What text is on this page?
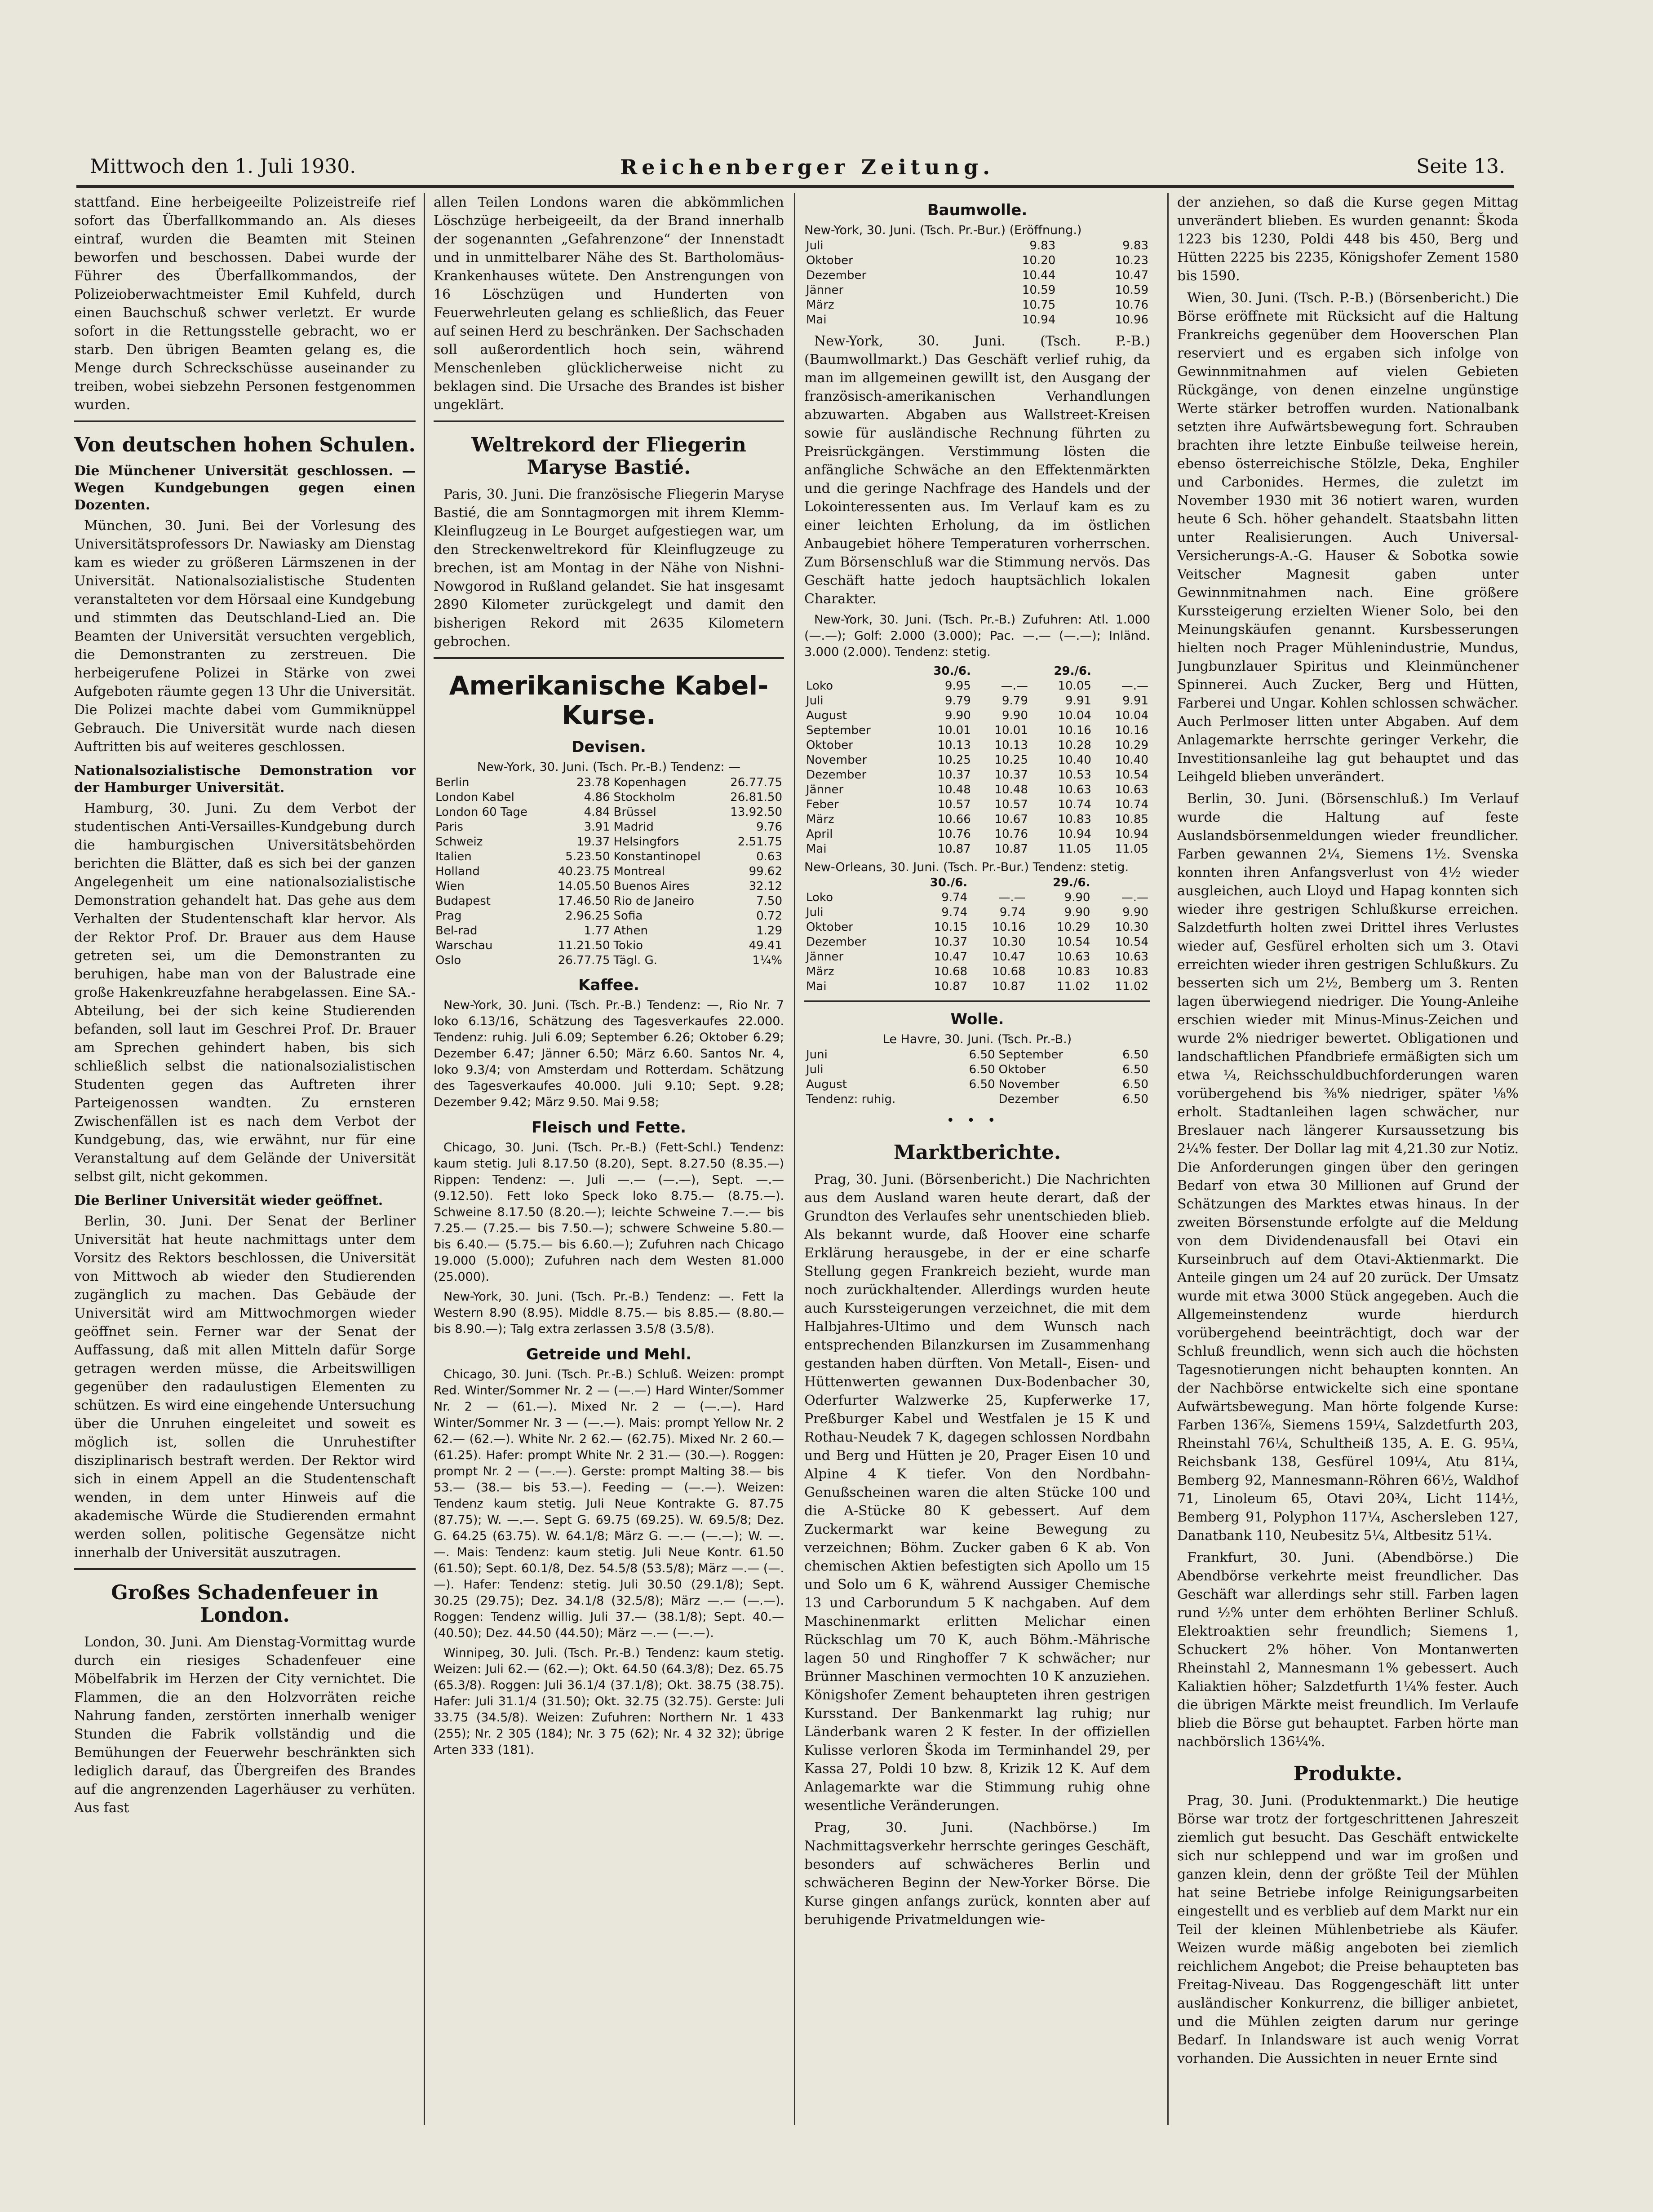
Mittwoch den 1. Juli 1930.	Reichenberger Zeitung.	Seite 13.

stattfand. Eine herbeigeeilte Polizeistreife rief sofort das Überfallkommando an. Als dieses eintraf, wurden die Beamten mit Steinen beworfen und beschossen. Dabei wurde der Führer des Überfallkommandos, der Polizeioberwachtmeister Emil Kuhfeld, durch einen Bauchschuß schwer verletzt. Er wurde sofort in die Rettungsstelle gebracht, wo er starb. Den übrigen Beamten gelang es, die Menge durch Schreckschüsse auseinander zu treiben, wobei siebzehn Personen festgenommen wurden.

Von deutschen hohen Schulen.
Die Münchener Universität geschlossen. — Wegen Kundgebungen gegen einen Dozenten.

München, 30. Juni. Bei der Vorlesung des Universitätsprofessors Dr. Nawiasky am Dienstag kam es wieder zu größeren Lärmszenen in der Universität. Nationalsozialistische Studenten veranstalteten vor dem Hörsaal eine Kundgebung und stimmten das Deutschland-Lied an. Die Beamten der Universität versuchten vergeblich, die Demonstranten zu zerstreuen. Die herbeigerufene Polizei in Stärke von zwei Aufgeboten räumte gegen 13 Uhr die Universität. Die Polizei machte dabei vom Gummiknüppel Gebrauch. Die Universität wurde nach diesen Auftritten bis auf weiteres geschlossen.

Nationalsozialistische Demonstration vor der Hamburger Universität.

Hamburg, 30. Juni. Zu dem Verbot der studentischen Anti-Versailles-Kundgebung durch die hamburgischen Universitätsbehörden berichten die Blätter, daß es sich bei der ganzen Angelegenheit um eine nationalsozialistische Demonstration gehandelt hat. Das gehe aus dem Verhalten der Studentenschaft klar hervor. Als der Rektor Prof. Dr. Brauer aus dem Hause getreten sei, um die Demonstranten zu beruhigen, habe man von der Balustrade eine große Hakenkreuzfahne herabgelassen. Eine SA.-Abteilung, bei der sich keine Studierenden befanden, soll laut im Geschrei Prof. Dr. Brauer am Sprechen gehindert haben, bis sich schließlich selbst die nationalsozialistischen Studenten gegen das Auftreten ihrer Parteigenossen wandten. Zu ernsteren Zwischenfällen ist es nach dem Verbot der Kundgebung, das, wie erwähnt, nur für eine Veranstaltung auf dem Gelände der Universität selbst gilt, nicht gekommen.

Die Berliner Universität wieder geöffnet.

Berlin, 30. Juni. Der Senat der Berliner Universität hat heute nachmittags unter dem Vorsitz des Rektors beschlossen, die Universität von Mittwoch ab wieder den Studierenden zugänglich zu machen. Das Gebäude der Universität wird am Mittwochmorgen wieder geöffnet sein. Ferner war der Senat der Auffassung, daß mit allen Mitteln dafür Sorge getragen werden müsse, die Arbeitswilligen gegenüber den radaulustigen Elementen zu schützen. Es wird eine eingehende Untersuchung über die Unruhen eingeleitet und soweit es möglich ist, sollen die Unruhestifter disziplinarisch bestraft werden. Der Rektor wird sich in einem Appell an die Studentenschaft wenden, in dem unter Hinweis auf die akademische Würde die Studierenden ermahnt werden sollen, politische Gegensätze nicht innerhalb der Universität auszutragen.

Großes Schadenfeuer in London.

London, 30. Juni. Am Dienstag-Vormittag wurde durch ein riesiges Schadenfeuer eine Möbelfabrik im Herzen der City vernichtet. Die Flammen, die an den Holzvorräten reiche Nahrung fanden, zerstörten innerhalb weniger Stunden die Fabrik vollständig und die Bemühungen der Feuerwehr beschränkten sich lediglich darauf, das Übergreifen des Brandes auf die angrenzenden Lagerhäuser zu verhüten. Aus fast

allen Teilen Londons waren die abkömmlichen Löschzüge herbeigeeilt, da der Brand innerhalb der sogenannten „Gefahrenzone“ der Innenstadt und in unmittelbarer Nähe des St. Bartholomäus-Krankenhauses wütete. Den Anstrengungen von 16 Löschzügen und Hunderten von Feuerwehrleuten gelang es schließlich, das Feuer auf seinen Herd zu beschränken. Der Sachschaden soll außerordentlich hoch sein, während Menschenleben glücklicherweise nicht zu beklagen sind. Die Ursache des Brandes ist bisher ungeklärt.

Weltrekord der Fliegerin Maryse Bastié.

Paris, 30. Juni. Die französische Fliegerin Maryse Bastié, die am Sonntagmorgen mit ihrem Klemm-Kleinflugzeug in Le Bourget aufgestiegen war, um den Streckenweltrekord für Kleinflugzeuge zu brechen, ist am Montag in der Nähe von Nishni-Nowgorod in Rußland gelandet. Sie hat insgesamt 2890 Kilometer zurückgelegt und damit den bisherigen Rekord mit 2635 Kilometern gebrochen.

Amerikanische Kabel-Kurse.
Devisen.
New-York, 30. Juni. (Tsch. Pr.-B.) Tendenz: —
Berlin	23.78	Kopenhagen	26.77.75
London Kabel	4.86	Stockholm	26.81.50
London 60 Tage	4.84	Brüssel	13.92.50
Paris	3.91	Madrid	9.76
Schweiz	19.37	Helsingfors	2.51.75
Italien	5.23.50	Konstantinopel	0.63
Holland	40.23.75	Montreal	99.62
Wien	14.05.50	Buenos Aires	32.12
Budapest	17.46.50	Rio de Janeiro	7.50
Prag	2.96.25	Sofia	0.72
Bel-rad	1.77	Athen	1.29
Warschau	11.21.50	Tokio	49.41
Oslo	26.77.75	Tägl. G.	1¼%
Kaffee.

New-York, 30. Juni. (Tsch. Pr.-B.) Tendenz: —, Rio Nr. 7 loko 6.13/16, Schätzung des Tagesverkaufes 22.000. Tendenz: ruhig. Juli 6.09; September 6.26; Oktober 6.29; Dezember 6.47; Jänner 6.50; März 6.60. Santos Nr. 4, loko 9.3/4; von Amsterdam und Rotterdam. Schätzung des Tagesverkaufes 40.000. Juli 9.10; Sept. 9.28; Dezember 9.42; März 9.50. Mai 9.58;

Fleisch und Fette.

Chicago, 30. Juni. (Tsch. Pr.-B.) (Fett-Schl.) Tendenz: kaum stetig. Juli 8.17.50 (8.20), Sept. 8.27.50 (8.35.—) Rippen: Tendenz: —. Juli —.— (—.—), Sept. —.— (9.12.50). Fett loko Speck loko 8.75.— (8.75.—). Schweine 8.17.50 (8.20.—); leichte Schweine 7.—.— bis 7.25.— (7.25.— bis 7.50.—); schwere Schweine 5.80.— bis 6.40.— (5.75.— bis 6.60.—); Zufuhren nach Chicago 19.000 (5.000); Zufuhren nach dem Westen 81.000 (25.000).

New-York, 30. Juni. (Tsch. Pr.-B.) Tendenz: —. Fett la Western 8.90 (8.95). Middle 8.75.— bis 8.85.— (8.80.— bis 8.90.—); Talg extra zerlassen 3.5/8 (3.5/8).

Getreide und Mehl.

Chicago, 30. Juni. (Tsch. Pr.-B.) Schluß. Weizen: prompt Red. Winter/Sommer Nr. 2 — (—.—) Hard Winter/Sommer Nr. 2 — (61.—). Mixed Nr. 2 — (—.—). Hard Winter/Sommer Nr. 3 — (—.—). Mais: prompt Yellow Nr. 2 62.— (62.—). White Nr. 2 62.— (62.75). Mixed Nr. 2 60.— (61.25). Hafer: prompt White Nr. 2 31.— (30.—). Roggen: prompt Nr. 2 — (—.—). Gerste: prompt Malting 38.— bis 53.— (38.— bis 53.—). Feeding — (—.—). Weizen: Tendenz kaum stetig. Juli Neue Kontrakte G. 87.75 (87.75); W. —.—. Sept G. 69.75 (69.25). W. 69.5/8; Dez. G. 64.25 (63.75). W. 64.1/8; März G. —.— (—.—); W. —.—. Mais: Tendenz: kaum stetig. Juli Neue Kontr. 61.50 (61.50); Sept. 60.1/8, Dez. 54.5/8 (53.5/8); März —.— (—.—). Hafer: Tendenz: stetig. Juli 30.50 (29.1/8); Sept. 30.25 (29.75); Dez. 34.1/8 (32.5/8); März —.— (—.—). Roggen: Tendenz willig. Juli 37.— (38.1/8); Sept. 40.— (40.50); Dez. 44.50 (44.50); März —.— (—.—).

Winnipeg, 30. Juli. (Tsch. Pr.-B.) Tendenz: kaum stetig. Weizen: Juli 62.— (62.—); Okt. 64.50 (64.3/8); Dez. 65.75 (65.3/8). Roggen: Juli 36.1/4 (37.1/8); Okt. 38.75 (38.75). Hafer: Juli 31.1/4 (31.50); Okt. 32.75 (32.75). Gerste: Juli 33.75 (34.5/8). Weizen: Zufuhren: Northern Nr. 1 433 (255); Nr. 2 305 (184); Nr. 3 75 (62); Nr. 4 32 32); übrige Arten 333 (181).

Baumwolle.
New-York, 30. Juni. (Tsch. Pr.-Bur.) (Eröffnung.)
Juli	9.83	9.83
Oktober	10.20	10.23
Dezember	10.44	10.47
Jänner	10.59	10.59
März	10.75	10.76
Mai	10.94	10.96

New-York, 30. Juni. (Tsch. P.-B.) (Baumwollmarkt.) Das Geschäft verlief ruhig, da man im allgemeinen gewillt ist, den Ausgang der französisch-amerikanischen Verhandlungen abzuwarten. Abgaben aus Wallstreet-Kreisen sowie für ausländische Rechnung führten zu Preisrückgängen. Verstimmung lösten die anfängliche Schwäche an den Effektenmärkten und die geringe Nachfrage des Handels und der Lokointeressenten aus. Im Verlauf kam es zu einer leichten Erholung, da im östlichen Anbaugebiet höhere Temperaturen vorherrschen. Zum Börsenschluß war die Stimmung nervös. Das Geschäft hatte jedoch hauptsächlich lokalen Charakter.

New-York, 30. Juni. (Tsch. Pr.-B.) Zufuhren: Atl. 1.000 (—.—); Golf: 2.000 (3.000); Pac. —.— (—.—); Inländ. 3.000 (2.000). Tendenz: stetig.

	30./6.		29./6.	
Loko	9.95	—.—	10.05	—.—
Juli	9.79	9.79	9.91	9.91
August	9.90	9.90	10.04	10.04
September	10.01	10.01	10.16	10.16
Oktober	10.13	10.13	10.28	10.29
November	10.25	10.25	10.40	10.40
Dezember	10.37	10.37	10.53	10.54
Jänner	10.48	10.48	10.63	10.63
Feber	10.57	10.57	10.74	10.74
März	10.66	10.67	10.83	10.85
April	10.76	10.76	10.94	10.94
Mai	10.87	10.87	11.05	11.05
New-Orleans, 30. Juni. (Tsch. Pr.-Bur.) Tendenz: stetig.
	30./6.		29./6.	
Loko	9.74	—.—	9.90	—.—
Juli	9.74	9.74	9.90	9.90
Oktober	10.15	10.16	10.29	10.30
Dezember	10.37	10.30	10.54	10.54
Jänner	10.47	10.47	10.63	10.63
März	10.68	10.68	10.83	10.83
Mai	10.87	10.87	11.02	11.02
Wolle.
Le Havre, 30. Juni. (Tsch. Pr.-B.)
Juni	6.50	September	6.50
Juli	6.50	Oktober	6.50
August	6.50	November	6.50
Tendenz: ruhig.		Dezember	6.50
•••
Marktberichte.

Prag, 30. Juni. (Börsenbericht.) Die Nachrichten aus dem Ausland waren heute derart, daß der Grundton des Verlaufes sehr unentschieden blieb. Als bekannt wurde, daß Hoover eine scharfe Erklärung herausgebe, in der er eine scharfe Stellung gegen Frankreich bezieht, wurde man noch zurückhaltender. Allerdings wurden heute auch Kurssteigerungen verzeichnet, die mit dem Halbjahres-Ultimo und dem Wunsch nach entsprechenden Bilanzkursen im Zusammenhang gestanden haben dürften. Von Metall-, Eisen- und Hüttenwerten gewannen Dux-Bodenbacher 30, Oderfurter Walzwerke 25, Kupferwerke 17, Preßburger Kabel und Westfalen je 15 K und Rothau-Neudek 7 K, dagegen schlossen Nordbahn und Berg und Hütten je 20, Prager Eisen 10 und Alpine 4 K tiefer. Von den Nordbahn-Genußscheinen waren die alten Stücke 100 und die A-Stücke 80 K gebessert. Auf dem Zuckermarkt war keine Bewegung zu verzeichnen; Böhm. Zucker gaben 6 K ab. Von chemischen Aktien befestigten sich Apollo um 15 und Solo um 6 K, während Aussiger Chemische 13 und Carborundum 5 K nachgaben. Auf dem Maschinenmarkt erlitten Melichar einen Rückschlag um 70 K, auch Böhm.-Mährische lagen 50 und Ringhoffer 7 K schwächer; nur Brünner Maschinen vermochten 10 K anzuziehen. Königshofer Zement behaupteten ihren gestrigen Kursstand. Der Bankenmarkt lag ruhig; nur Länderbank waren 2 K fester. In der offiziellen Kulisse verloren Škoda im Terminhandel 29, per Kassa 27, Poldi 10 bzw. 8, Krizik 12 K. Auf dem Anlagemarkte war die Stimmung ruhig ohne wesentliche Veränderungen.

Prag, 30. Juni. (Nachbörse.) Im Nachmittagsverkehr herrschte geringes Geschäft, besonders auf schwächeres Berlin und schwächeren Beginn der New-Yorker Börse. Die Kurse gingen anfangs zurück, konnten aber auf beruhigende Privatmeldungen wie-

der anziehen, so daß die Kurse gegen Mittag unverändert blieben. Es wurden genannt: Škoda 1223 bis 1230, Poldi 448 bis 450, Berg und Hütten 2225 bis 2235, Königshofer Zement 1580 bis 1590.

Wien, 30. Juni. (Tsch. P.-B.) (Börsenbericht.) Die Börse eröffnete mit Rücksicht auf die Haltung Frankreichs gegenüber dem Hooverschen Plan reserviert und es ergaben sich infolge von Gewinnmitnahmen auf vielen Gebieten Rückgänge, von denen einzelne ungünstige Werte stärker betroffen wurden. Nationalbank setzten ihre Aufwärtsbewegung fort. Schrauben brachten ihre letzte Einbuße teilweise herein, ebenso österreichische Stölzle, Deka, Enghiler und Carbonides. Hermes, die zuletzt im November 1930 mit 36 notiert waren, wurden heute 6 Sch. höher gehandelt. Staatsbahn litten unter Realisierungen. Auch Universal-Versicherungs-A.-G. Hauser & Sobotka sowie Veitscher Magnesit gaben unter Gewinnmitnahmen nach. Eine größere Kurssteigerung erzielten Wiener Solo, bei den Meinungskäufen genannt. Kursbesserungen hielten noch Prager Mühlenindustrie, Mundus, Jungbunzlauer Spiritus und Kleinmünchener Spinnerei. Auch Zucker, Berg und Hütten, Farberei und Ungar. Kohlen schlossen schwächer. Auch Perlmoser litten unter Abgaben. Auf dem Anlagemarkte herrschte geringer Verkehr, die Investitionsanleihe lag gut behauptet und das Leihgeld blieben unverändert.

Berlin, 30. Juni. (Börsenschluß.) Im Verlauf wurde die Haltung auf feste Auslandsbörsenmeldungen wieder freundlicher. Farben gewannen 2¼, Siemens 1½. Svenska konnten ihren Anfangsverlust von 4½ wieder ausgleichen, auch Lloyd und Hapag konnten sich wieder ihre gestrigen Schlußkurse erreichen. Salzdetfurth holten zwei Drittel ihres Verlustes wieder auf, Gesfürel erholten sich um 3. Otavi erreichten wieder ihren gestrigen Schlußkurs. Zu besserten sich um 2½, Bemberg um 3. Renten lagen überwiegend niedriger. Die Young-Anleihe erschien wieder mit Minus-Minus-Zeichen und wurde 2% niedriger bewertet. Obligationen und landschaftlichen Pfandbriefe ermäßigten sich um etwa ¼, Reichsschuldbuchforderungen waren vorübergehend bis ⅜% niedriger, später ⅛% erholt. Stadtanleihen lagen schwächer, nur Breslauer nach längerer Kursaussetzung bis 2¼% fester. Der Dollar lag mit 4,21.30 zur Notiz. Die Anforderungen gingen über den geringen Bedarf von etwa 30 Millionen auf Grund der Schätzungen des Marktes etwas hinaus. In der zweiten Börsenstunde erfolgte auf die Meldung von dem Dividendenausfall bei Otavi ein Kurseinbruch auf dem Otavi-Aktienmarkt. Die Anteile gingen um 24 auf 20 zurück. Der Umsatz wurde mit etwa 3000 Stück angegeben. Auch die Allgemeinstendenz wurde hierdurch vorübergehend beeinträchtigt, doch war der Schluß freundlich, wenn sich auch die höchsten Tagesnotierungen nicht behaupten konnten. An der Nachbörse entwickelte sich eine spontane Aufwärtsbewegung. Man hörte folgende Kurse: Farben 136⅞, Siemens 159¼, Salzdetfurth 203, Rheinstahl 76¼, Schultheiß 135, A. E. G. 95¼, Reichsbank 138, Gesfürel 109¼, Atu 81¼, Bemberg 92, Mannesmann-Röhren 66½, Waldhof 71, Linoleum 65, Otavi 20¾, Licht 114½, Bemberg 91, Polyphon 117¼, Aschersleben 127, Danatbank 110, Neubesitz 5¼, Altbesitz 51¼.

Frankfurt, 30. Juni. (Abendbörse.) Die Abendbörse verkehrte meist freundlicher. Das Geschäft war allerdings sehr still. Farben lagen rund ½% unter dem erhöhten Berliner Schluß. Elektroaktien sehr freundlich; Siemens 1, Schuckert 2% höher. Von Montanwerten Rheinstahl 2, Mannesmann 1% gebessert. Auch Kaliaktien höher; Salzdetfurth 1¼% fester. Auch die übrigen Märkte meist freundlich. Im Verlaufe blieb die Börse gut behauptet. Farben hörte man nachbörslich 136¼%.

Produkte.

Prag, 30. Juni. (Produktenmarkt.) Die heutige Börse war trotz der fortgeschrittenen Jahreszeit ziemlich gut besucht. Das Geschäft entwickelte sich nur schleppend und war im großen und ganzen klein, denn der größte Teil der Mühlen hat seine Betriebe infolge Reinigungsarbeiten eingestellt und es verblieb auf dem Markt nur ein Teil der kleinen Mühlenbetriebe als Käufer. Weizen wurde mäßig angeboten bei ziemlich reichlichem Angebot; die Preise behaupteten bas Freitag-Niveau. Das Roggengeschäft litt unter ausländischer Konkurrenz, die billiger anbietet, und die Mühlen zeigten darum nur geringe Bedarf. In Inlandsware ist auch wenig Vorrat vorhanden. Die Aussichten in neuer Ernte sind
